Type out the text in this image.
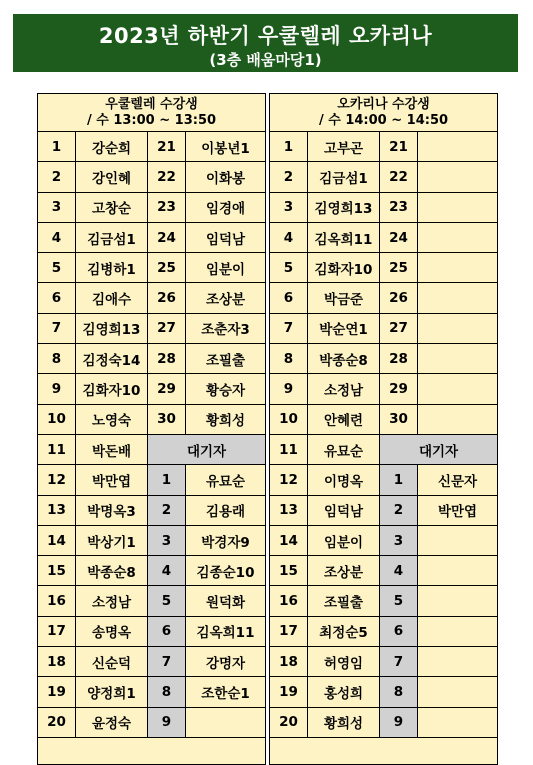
2023년 하반기 우쿨렐레 오카리나
(3층 배움마당1)
우쿨렐레 수강생
/ 수 13:00 ~ 13:50			

1	강순희	21	이봉년1
2	강인혜	22	이화봉
3	고창순	23	임경애
4	김금섬1	24	임덕남
5	김병하1	25	임분이
6	김애수	26	조상분
7	김영희13	27	조춘자3
8	김정숙14	28	조필출
9	김화자10	29	황승자
10	노영숙	30	황희성
11	박돈배	대기자	
12	박만엽	1	유묘순
13	박명옥3	2	김용래
14	박상기1	3	박경자9
15	박종순8	4	김종순10
16	소정남	5	원덕화
17	송명옥	6	김옥희11
18	신순덕	7	강명자
19	양정희1	8	조한순1
20	윤정숙	9	

오카리나 수강생
/ 수 14:00 ~ 14:50			

1	고부곤	21	
2	김금섬1	22	
3	김영희13	23	
4	김옥희11	24	
5	김화자10	25	
6	박금준	26	
7	박순연1	27	
8	박종순8	28	
9	소정남	29	
10	안혜련	30	
11	유묘순	대기자	
12	이명옥	1	신문자
13	임덕남	2	박만엽
14	임분이	3	
15	조상분	4	
16	조필출	5	
17	최정순5	6	
18	허영임	7	
19	홍성희	8	
20	황희성	9	
